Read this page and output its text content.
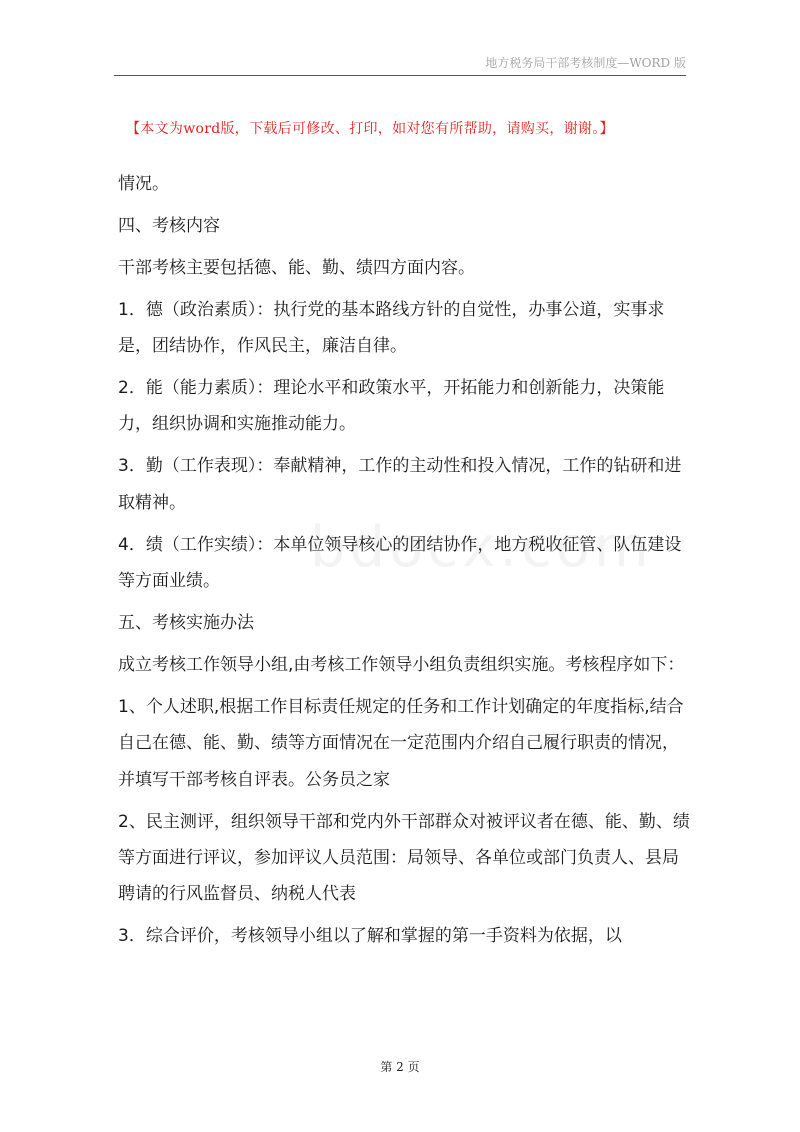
地方税务局干部考核制度—WORD 版
【本文为word版，下载后可修改、打印，如对您有所帮助，请购买，谢谢。】

情况。

四、考核内容

干部考核主要包括德、能、勤、绩四方面内容。

1．德（政治素质）：执行党的基本路线方针的自觉性，办事公道，实事求是，团结协作，作风民主，廉洁自律。

2．能（能力素质）：理论水平和政策水平，开拓能力和创新能力，决策能力，组织协调和实施推动能力。

3．勤（工作表现）：奉献精神，工作的主动性和投入情况，工作的钻研和进取精神。

4．绩（工作实绩）：本单位领导核心的团结协作，地方税收征管、队伍建设等方面业绩。

五、考核实施办法

成立考核工作领导小组,由考核工作领导小组负责组织实施。考核程序如下：

1、个人述职,根据工作目标责任规定的任务和工作计划确定的年度指标,结合自己在德、能、勤、绩等方面情况在一定范围内介绍自己履行职责的情况，并填写干部考核自评表。公务员之家

2、民主测评，组织领导干部和党内外干部群众对被评议者在德、能、勤、绩等方面进行评议，参加评议人员范围：局领导、各单位或部门负责人、县局聘请的行风监督员、纳税人代表

3．综合评价，考核领导小组以了解和掌握的第一手资料为依据，以

第 2 页
